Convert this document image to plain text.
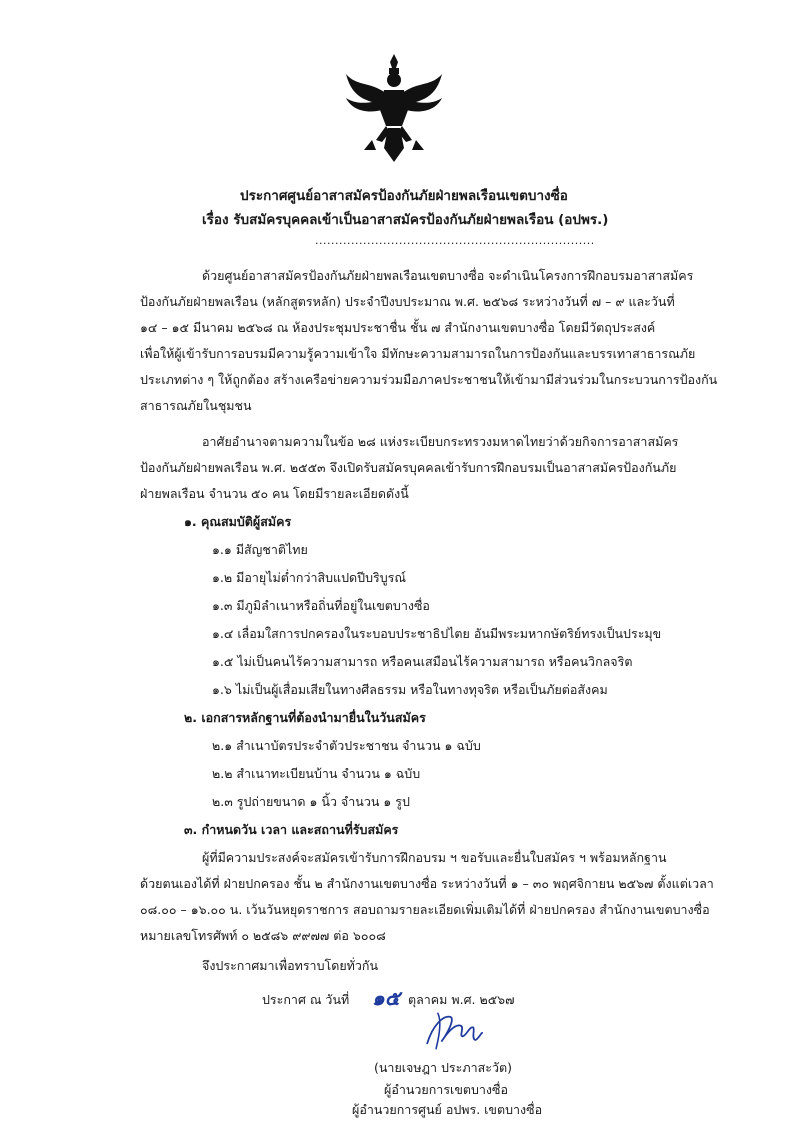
ประกาศศูนย์อาสาสมัครป้องกันภัยฝ่ายพลเรือนเขตบางซื่อ
เรื่อง รับสมัครบุคคลเข้าเป็นอาสาสมัครป้องกันภัยฝ่ายพลเรือน (อปพร.)
......................................................................
ด้วยศูนย์อาสาสมัครป้องกันภัยฝ่ายพลเรือนเขตบางซื่อ จะดำเนินโครงการฝึกอบรมอาสาสมัคร
ป้องกันภัยฝ่ายพลเรือน (หลักสูตรหลัก) ประจำปีงบประมาณ พ.ศ. ๒๕๖๘ ระหว่างวันที่ ๗ – ๙ และวันที่
๑๔ – ๑๕ มีนาคม ๒๕๖๘ ณ ห้องประชุมประชาชื่น ชั้น ๗ สำนักงานเขตบางซื่อ โดยมีวัตถุประสงค์
เพื่อให้ผู้เข้ารับการอบรมมีความรู้ความเข้าใจ มีทักษะความสามารถในการป้องกันและบรรเทาสาธารณภัย
ประเภทต่าง ๆ ให้ถูกต้อง สร้างเครือข่ายความร่วมมือภาคประชาชนให้เข้ามามีส่วนร่วมในกระบวนการป้องกัน
สาธารณภัยในชุมชน
อาศัยอำนาจตามความในข้อ ๒๘ แห่งระเบียบกระทรวงมหาดไทยว่าด้วยกิจการอาสาสมัคร
ป้องกันภัยฝ่ายพลเรือน พ.ศ. ๒๕๕๓ จึงเปิดรับสมัครบุคคลเข้ารับการฝึกอบรมเป็นอาสาสมัครป้องกันภัย
ฝ่ายพลเรือน จำนวน ๕๐ คน โดยมีรายละเอียดดังนี้
๑. คุณสมบัติผู้สมัคร
๑.๑ มีสัญชาติไทย
๑.๒ มีอายุไม่ต่ำกว่าสิบแปดปีบริบูรณ์
๑.๓ มีภูมิลำเนาหรือถิ่นที่อยู่ในเขตบางซื่อ
๑.๔ เลื่อมใสการปกครองในระบอบประชาธิปไตย อันมีพระมหากษัตริย์ทรงเป็นประมุข
๑.๕ ไม่เป็นคนไร้ความสามารถ หรือคนเสมือนไร้ความสามารถ หรือคนวิกลจริต
๑.๖ ไม่เป็นผู้เสื่อมเสียในทางศีลธรรม หรือในทางทุจริต หรือเป็นภัยต่อสังคม
๒. เอกสารหลักฐานที่ต้องนำมายื่นในวันสมัคร
๒.๑ สำเนาบัตรประจำตัวประชาชน จำนวน ๑ ฉบับ
๒.๒ สำเนาทะเบียนบ้าน จำนวน ๑ ฉบับ
๒.๓ รูปถ่ายขนาด ๑ นิ้ว จำนวน ๑ รูป
๓. กำหนดวัน เวลา และสถานที่รับสมัคร
ผู้ที่มีความประสงค์จะสมัครเข้ารับการฝึกอบรม ฯ ขอรับและยื่นใบสมัคร ฯ พร้อมหลักฐาน
ด้วยตนเองได้ที่ ฝ่ายปกครอง ชั้น ๒ สำนักงานเขตบางซื่อ ระหว่างวันที่ ๑ – ๓๐ พฤศจิกายน ๒๕๖๗ ตั้งแต่เวลา
๐๘.๐๐ – ๑๖.๐๐ น. เว้นวันหยุดราชการ สอบถามรายละเอียดเพิ่มเติมได้ที่ ฝ่ายปกครอง สำนักงานเขตบางซื่อ
หมายเลขโทรศัพท์ ๐ ๒๕๘๖ ๙๙๗๗ ต่อ ๖๐๐๘
จึงประกาศมาเพื่อทราบโดยทั่วกัน
ประกาศ ณ วันที่ ๑๕ ตุลาคม พ.ศ. ๒๕๖๗
(นายเจษฎา ประภาสะวัต)
ผู้อำนวยการเขตบางซื่อ
ผู้อำนวยการศูนย์ อปพร. เขตบางซื่อ
